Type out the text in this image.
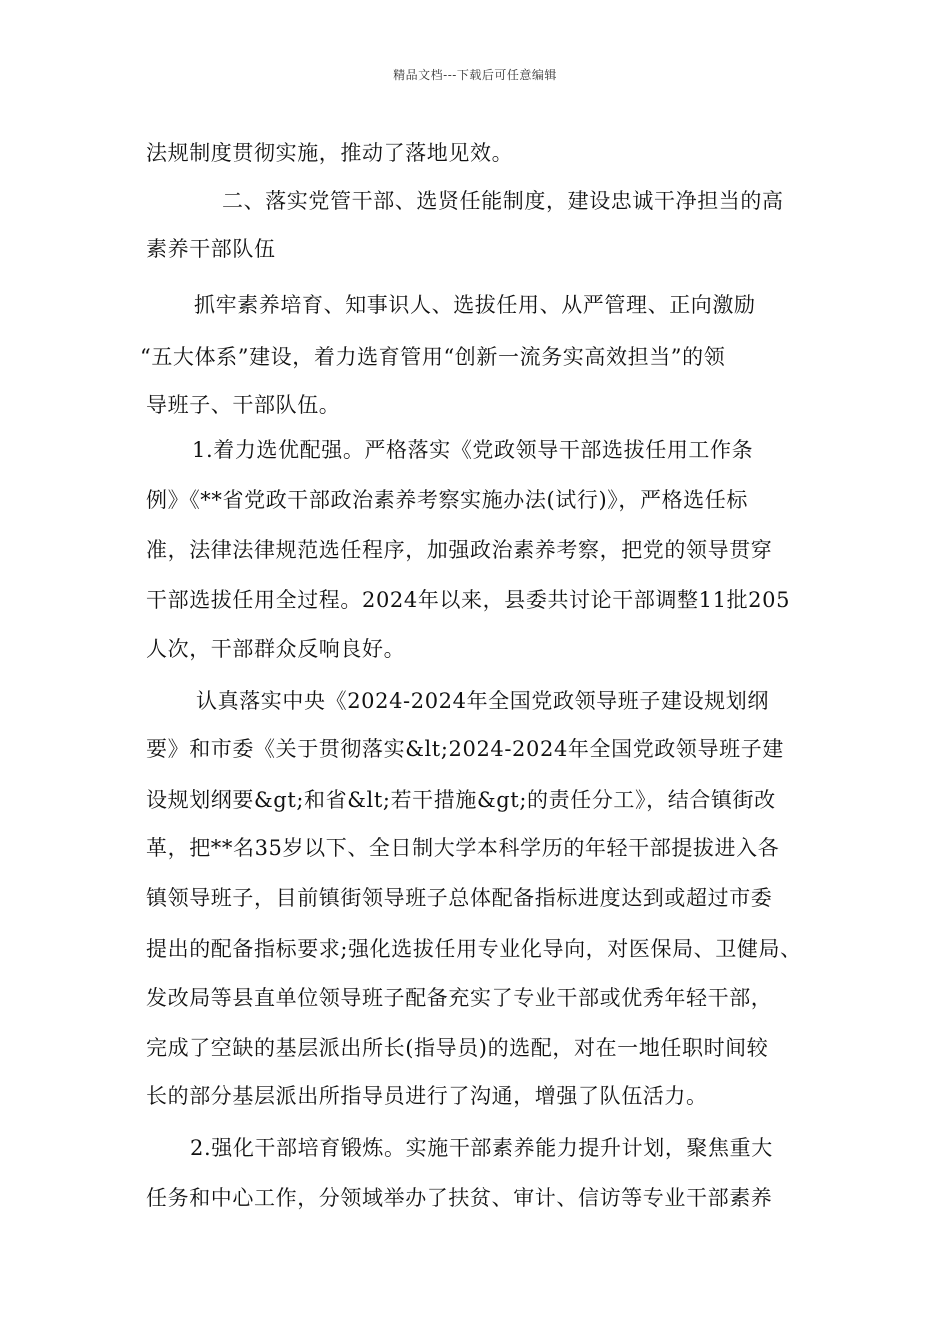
精品文档---下载后可任意编辑
法规制度贯彻实施，推动了落地见效。
二、落实党管干部、选贤任能制度，建设忠诚干净担当的高
素养干部队伍
抓牢素养培育、知事识人、选拔任用、从严管理、正向激励
“五大体系”建设，着力选育管用“创新一流务实高效担当”的领
导班子、干部队伍。
1.着力选优配强。严格落实《党政领导干部选拔任用工作条
例》《**省党政干部政治素养考察实施办法(试行)》，严格选任标
准，法律法律规范选任程序，加强政治素养考察，把党的领导贯穿
干部选拔任用全过程。2024年以来，县委共讨论干部调整11批205
人次，干部群众反响良好。
认真落实中央《2024-2024年全国党政领导班子建设规划纲
要》和市委《关于贯彻落实&lt;2024-2024年全国党政领导班子建
设规划纲要&gt;和省&lt;若干措施&gt;的责任分工》，结合镇街改
革，把**名35岁以下、全日制大学本科学历的年轻干部提拔进入各
镇领导班子，目前镇街领导班子总体配备指标进度达到或超过市委
提出的配备指标要求;强化选拔任用专业化导向，对医保局、卫健局、
发改局等县直单位领导班子配备充实了专业干部或优秀年轻干部，
完成了空缺的基层派出所长(指导员)的选配，对在一地任职时间较
长的部分基层派出所指导员进行了沟通，增强了队伍活力。
2.强化干部培育锻炼。实施干部素养能力提升计划，聚焦重大
任务和中心工作，分领域举办了扶贫、审计、信访等专业干部素养
